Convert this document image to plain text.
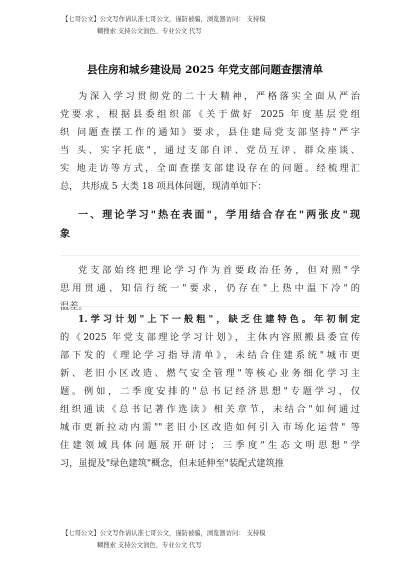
【七哥公文】公文写作请认准七哥公文，谨防被骗，浏览器访问： 支持模
糊搜索 支持公文润色、专业公文 代写
县住房和城乡建设局 2025 年党支部问题查摆清单
为深入学习贯彻党的二十大精神，严格落实全面从严治
党要求，根据县委组织部《关于做好 2025 年度基层党组
织 问题查摆工作的通知》要求，县住建局党支部坚持"严字
当 头、实字托底"，通过支部自评、党员互评、群众座谈、
实 地走访等方式，全面查摆支部建设存在的问题。经梳理汇
总， 共形成 5 大类 18 项具体问题，现清单如下：
一、理论学习"热在表面"，学用结合存在"两张皮"现
象
党支部始终把理论学习作为首要政治任务，但对照"学
思用贯通、知信行统一"要求，仍存在"上热中温下冷"的
1.学习计划"上下一般粗"，缺乏住建特色。年初制定
的《2025 年党支部理论学习计划》，主体内容照搬县委宣传
部下发的《理论学习指导清单》，未结合住建系统"城市更
新、老旧小区改造、燃气安全管理"等核心业务细化学习主
题。例如，二季度安排的"总书记经济思想"专题学习，仅
组织通读《总书记著作选读》相关章节，未结合"如何通过
城市更新拉动内需""老旧小区改造如何引入市场化运营" 等
住建领域具体问题展开研讨；三季度"生态文明思想"学
习，虽提及"绿色建筑"概念，但未延伸至"装配式建筑推
【七哥公文】公文写作请认准七哥公文，谨防被骗，浏览器访问： 支持模
糊搜索 支持公文润色、专业公文 代写
